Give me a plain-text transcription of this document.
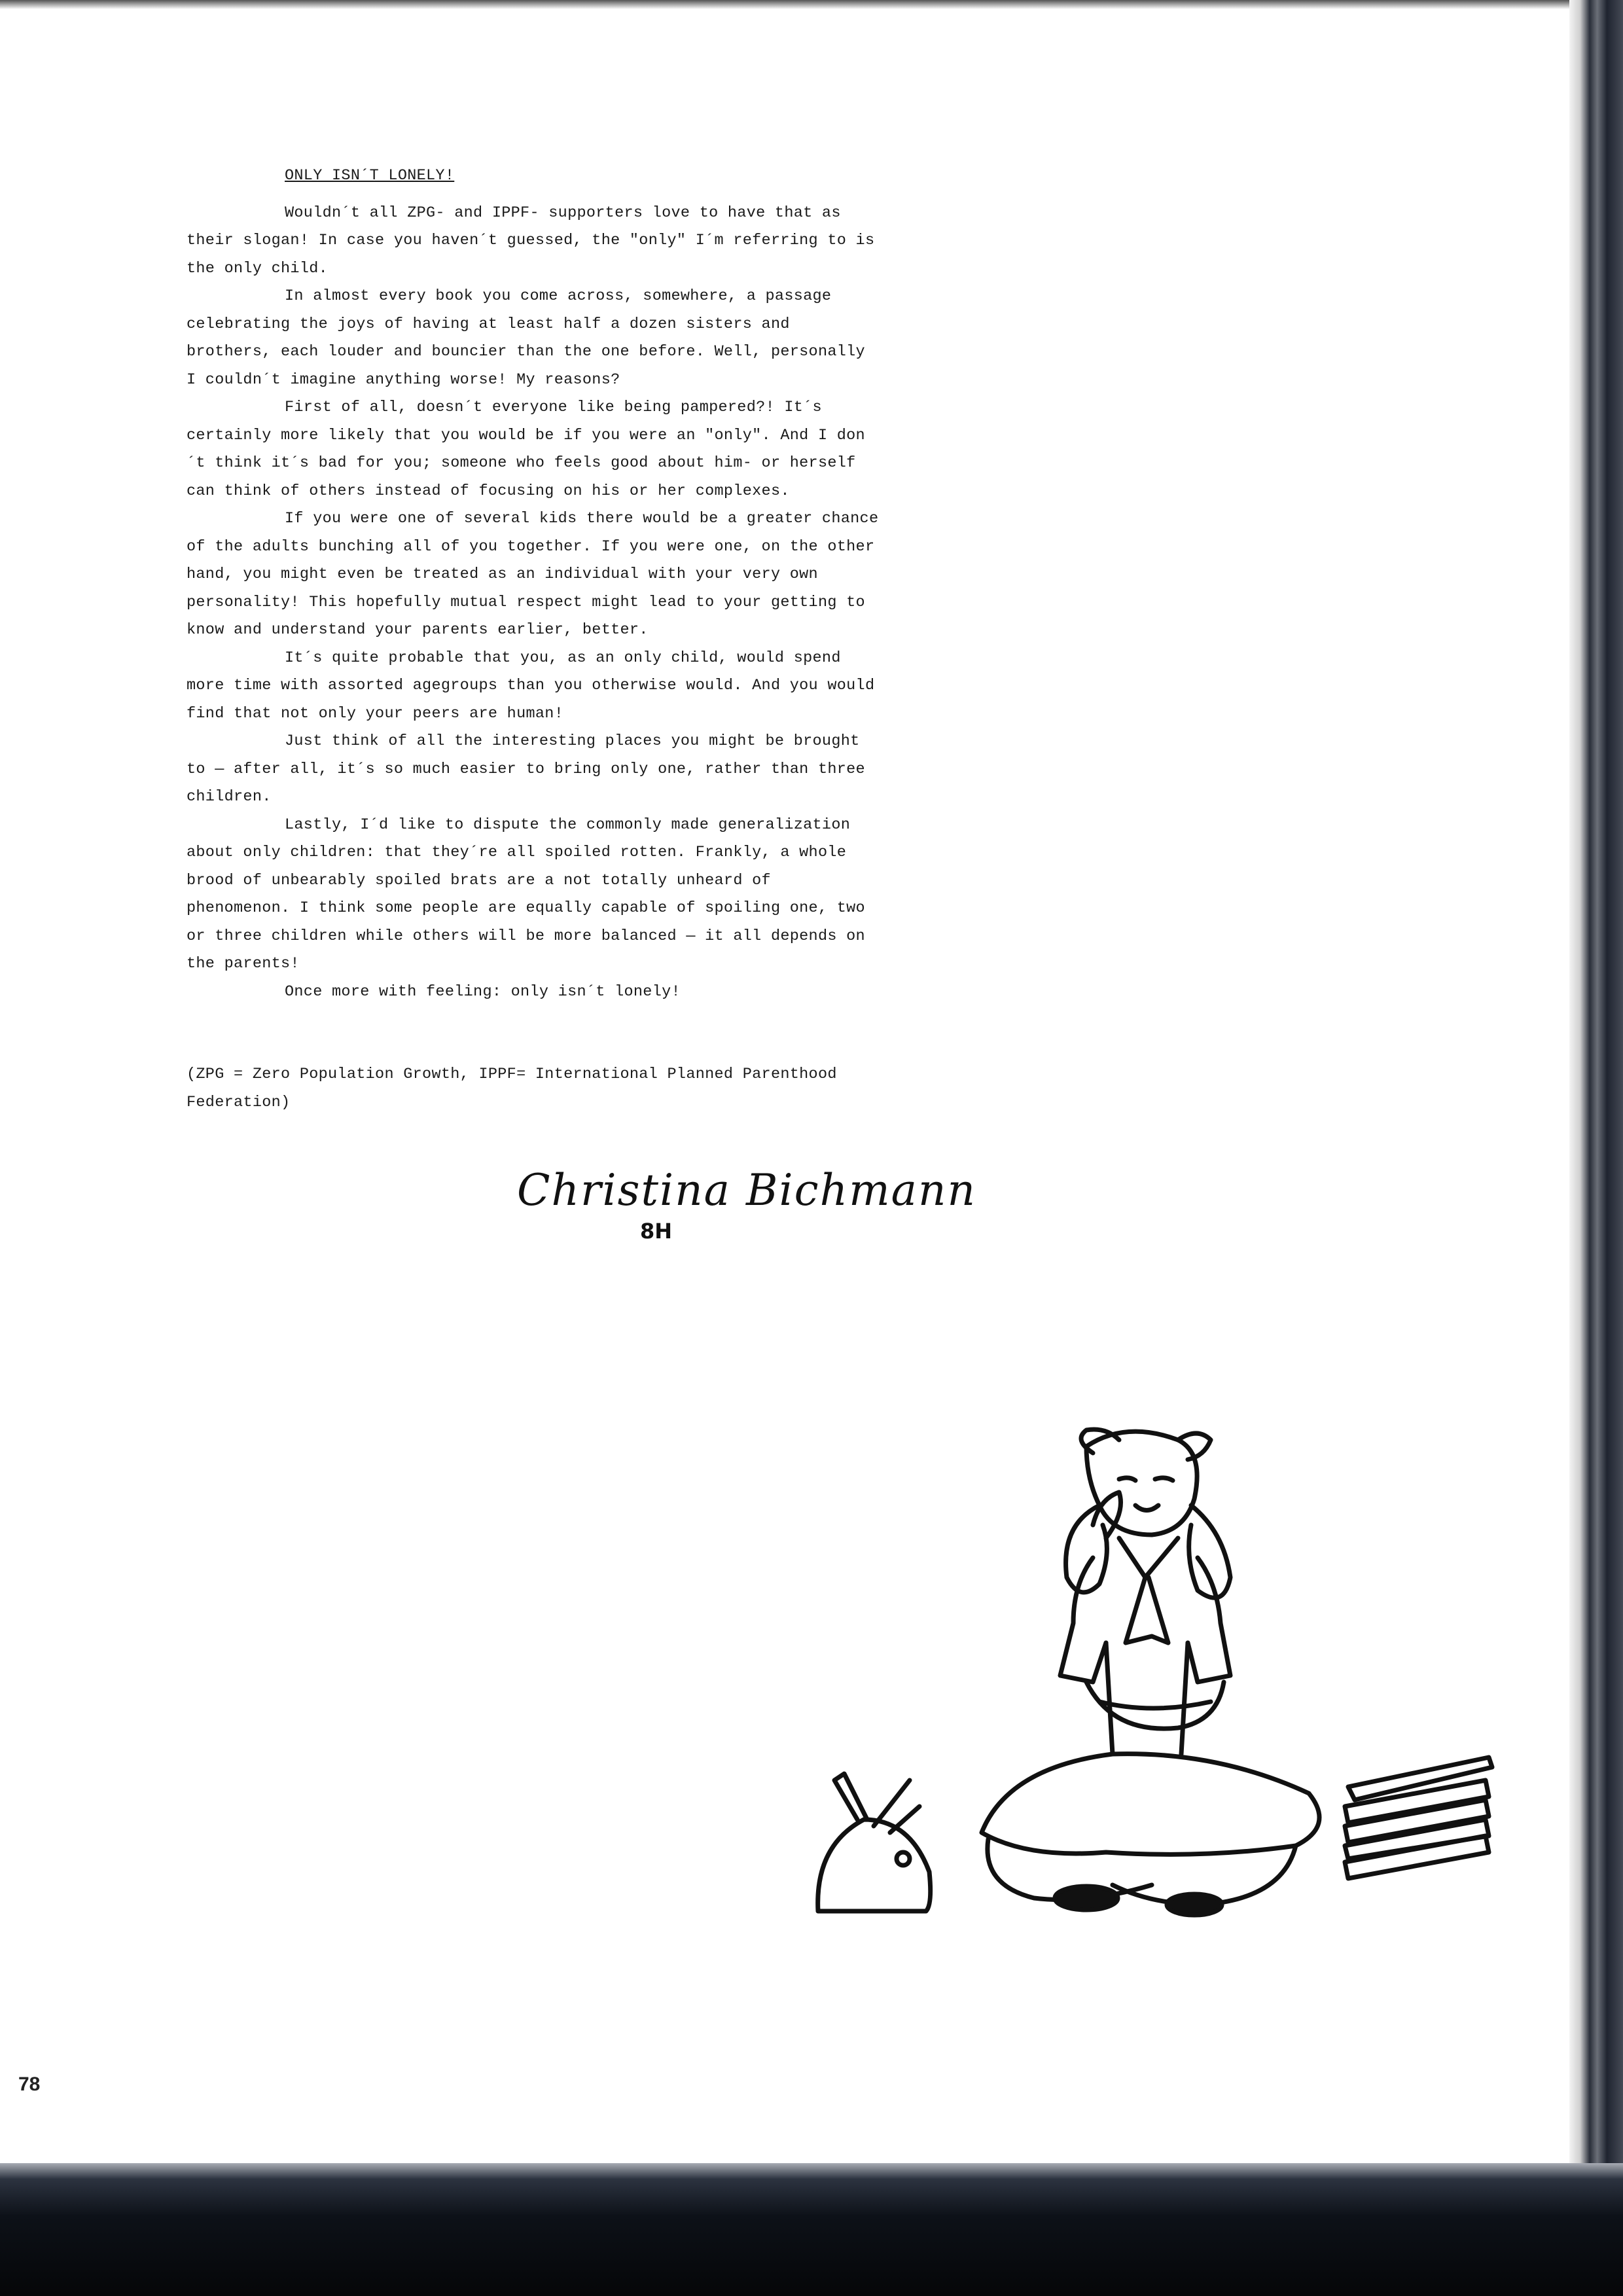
ONLY ISN´T LONELY!

Wouldn´t all ZPG- and IPPF- supporters love to have that as their slogan! In case you haven´t guessed, the "only" I´m referring to is the only child.

In almost every book you come across, somewhere, a passage celebrating the joys of having at least half a dozen sisters and brothers, each louder and bouncier than the one before. Well, personally I couldn´t imagine anything worse! My reasons?

First of all, doesn´t everyone like being pampered?! It´s certainly more likely that you would be if you were an "only". And I don´t think it´s bad for you; someone who feels good about him- or herself can think of others instead of focusing on his or her complexes.

If you were one of several kids there would be a greater chance of the adults bunching all of you together. If you were one, on the other hand, you might even be treated as an individual with your very own personality! This hopefully mutual respect might lead to your getting to know and understand your parents earlier, better.

It´s quite probable that you, as an only child, would spend more time with assorted agegroups than you otherwise would. And you would find that not only your peers are human!

Just think of all the interesting places you might be brought to — after all, it´s so much easier to bring only one, rather than three children.

Lastly, I´d like to dispute the commonly made generalization about only children: that they´re all spoiled rotten. Frankly, a whole brood of unbearably spoiled brats are a not totally unheard of phenomenon. I think some people are equally capable of spoiling one, two or three children while others will be more balanced — it all depends on the parents!

Once more with feeling: only isn´t lonely!

(ZPG = Zero Population Growth, IPPF= International Planned Parenthood Federation)

Christina Bichmann
8H
78
